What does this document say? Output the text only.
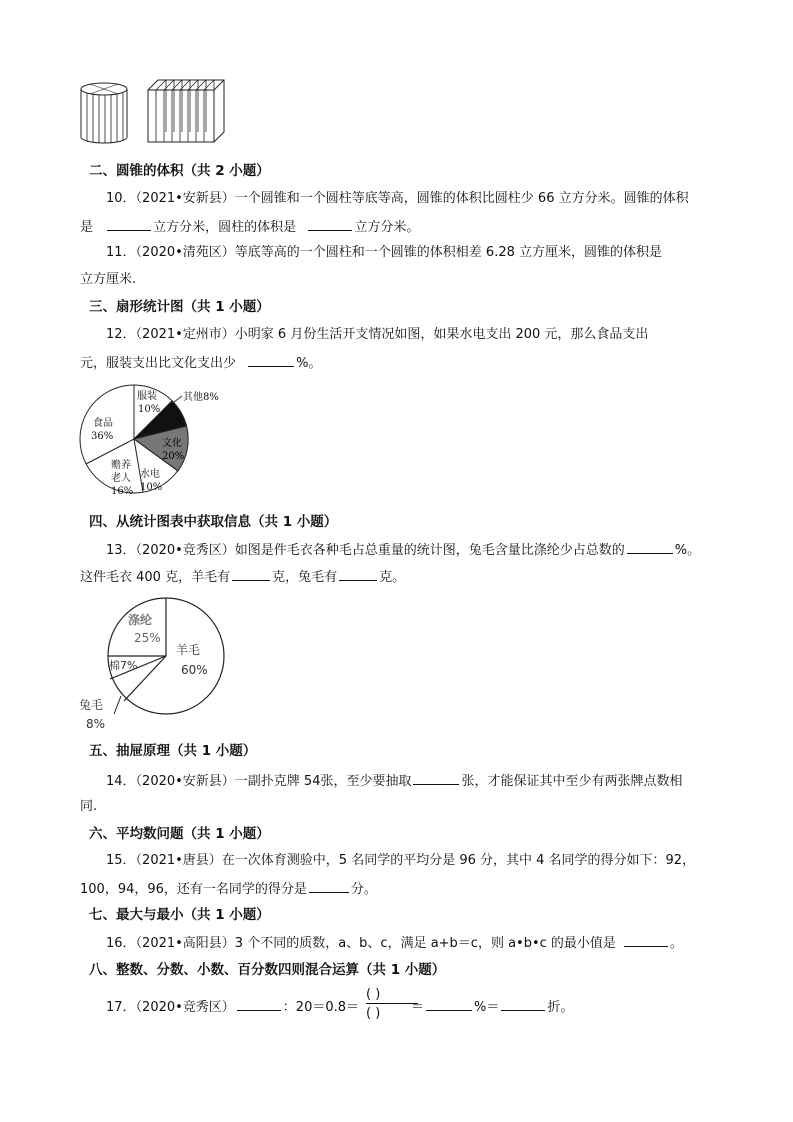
二、圆锥的体积（共 2 小题）
10．（2021•安新县）一个圆锥和一个圆柱等底等高，圆锥的体积比圆柱少 66 立方分米。圆锥的体积
是	立方分米，圆柱的体积是	立方分米。
11．（2020•清苑区）等底等高的一个圆柱和一个圆锥的体积相差 6.28 立方厘米，圆锥的体积是
立方厘米.
三、扇形统计图（共 1 小题）
12．（2021•定州市）小明家 6 月份生活开支情况如图，如果水电支出 200 元，那么食品支出
元，服装支出比文化支出少	%。
服装
10%
其他8%
文化
20%
水电
10%
赡养
老人
16%
食品
36%
四、从统计图表中获取信息（共 1 小题）
13．（2020•竞秀区）如图是件毛衣各种毛占总重量的统计图，兔毛含量比涤纶少占总数的	%。
这件毛衣 400 克，羊毛有	克，兔毛有	克。
涤纶
25%
羊毛
60%
棉7%
兔毛
8%
五、抽屉原理（共 1 小题）
14．（2020•安新县）一副扑克牌 54张，至少要抽取	张，才能保证其中至少有两张牌点数相
同.
六、平均数问题（共 1 小题）
15．（2021•唐县）在一次体育测验中，5 名同学的平均分是 96 分，其中 4 名同学的得分如下：92，
100，94，96，还有一名同学的得分是	分。
七、最大与最小（共 1 小题）
16．（2021•高阳县）3 个不同的质数，a、b、c，满足 a+b＝c，则 a•b•c 的最小值是	。
八、整数、分数、小数、百分数四则混合运算（共 1 小题）
17．（2020•竞秀区）	：20＝0.8＝	＝	%＝	折。
( )
( )
